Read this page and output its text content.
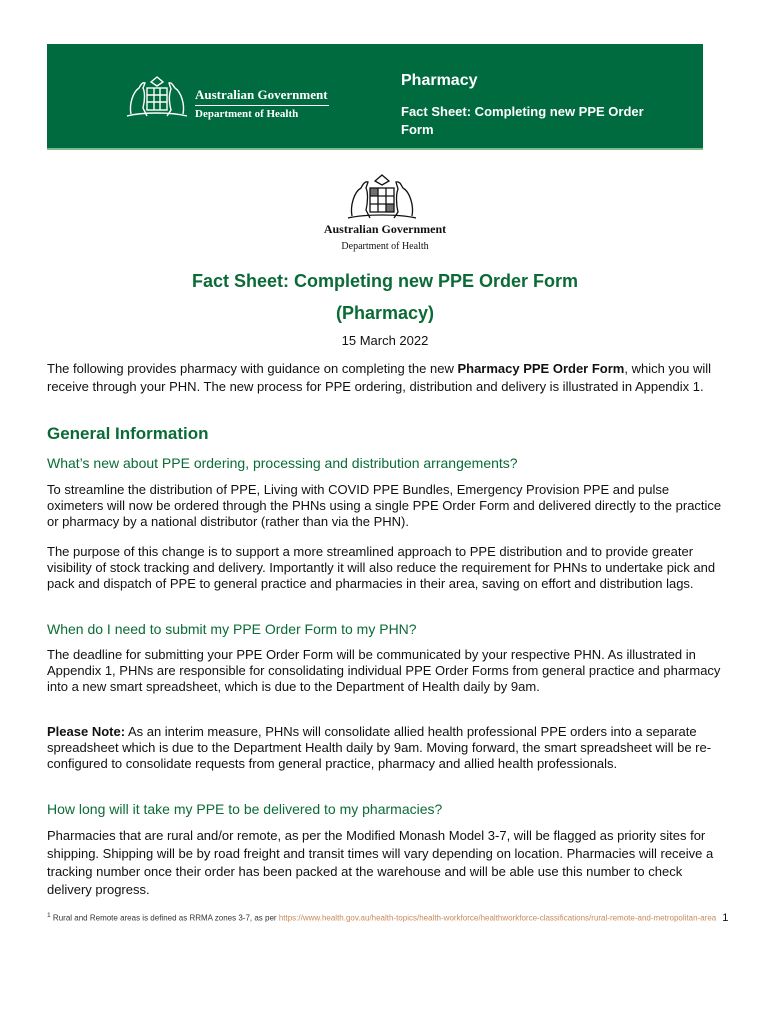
Australian Government
Department of Health
Pharmacy
Fact Sheet: Completing new PPE Order Form
Australian Government
Department of Health
Fact Sheet: Completing new PPE Order Form
(Pharmacy)
15 March 2022
The following provides pharmacy with guidance on completing the new Pharmacy PPE Order Form, which you will receive through your PHN. The new process for PPE ordering, distribution and delivery is illustrated in Appendix 1.
General Information
What’s new about PPE ordering, processing and distribution arrangements?
To streamline the distribution of PPE, Living with COVID PPE Bundles, Emergency Provision PPE and pulse oximeters will now be ordered through the PHNs using a single PPE Order Form and delivered directly to the practice or pharmacy by a national distributor (rather than via the PHN).
The purpose of this change is to support a more streamlined approach to PPE distribution and to provide greater visibility of stock tracking and delivery. Importantly it will also reduce the requirement for PHNs to undertake pick and pack and dispatch of PPE to general practice and pharmacies in their area, saving on effort and distribution lags.
When do I need to submit my PPE Order Form to my PHN?
The deadline for submitting your PPE Order Form will be communicated by your respective PHN. As illustrated in Appendix 1, PHNs are responsible for consolidating individual PPE Order Forms from general practice and pharmacy into a new smart spreadsheet, which is due to the Department of Health daily by 9am.
Please Note: As an interim measure, PHNs will consolidate allied health professional PPE orders into a separate spreadsheet which is due to the Department Health daily by 9am. Moving forward, the smart spreadsheet will be re-configured to consolidate requests from general practice, pharmacy and allied health professionals.
How long will it take my PPE to be delivered to my pharmacies?
Pharmacies that are rural and/or remote, as per the Modified Monash Model 3-7, will be flagged as priority sites for shipping. Shipping will be by road freight and transit times will vary depending on location. Pharmacies will receive a tracking number once their order has been packed at the warehouse and will be able use this number to check delivery progress.
$^1$ Rural and Remote areas is defined as RRMA zones 3-7, as per https://www.health.gov.au/health-topics/health-workforce/healthworkforce-classifications/rural-remote-and-metropolitan-area 1
